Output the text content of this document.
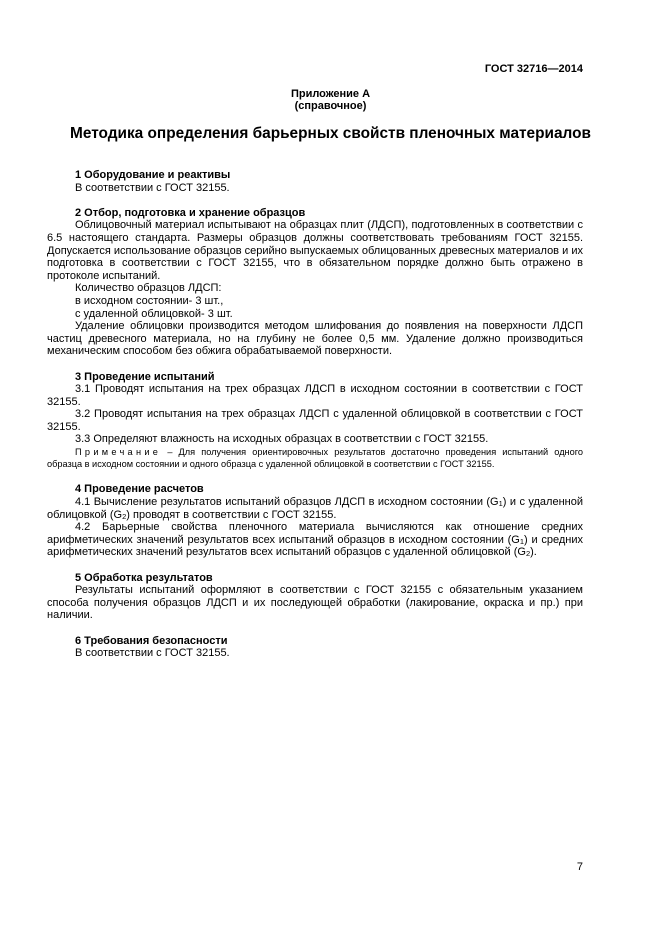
ГОСТ 32716—2014
Приложение А
(справочное)
Методика определения барьерных свойств пленочных материалов
1 Оборудование и реактивы

В соответствии с ГОСТ 32155.

2 Отбор, подготовка и хранение образцов

Облицовочный материал испытывают на образцах плит (ЛДСП), подготовленных в соответствии с 6.5 настоящего стандарта. Размеры образцов должны соответствовать требованиям ГОСТ 32155. Допускается использование образцов серийно выпускаемых облицованных древесных материалов и их подготовка в соответствии с ГОСТ 32155, что в обязательном порядке должно быть отражено в протоколе испытаний.

Количество образцов ЛДСП:

в исходном состоянии- 3 шт.,

с удаленной облицовкой- 3 шт.

Удаление облицовки производится методом шлифования до появления на поверхности ЛДСП частиц древесного материала, но на глубину не более 0,5 мм. Удаление должно производиться механическим способом без обжига обрабатываемой поверхности.

3 Проведение испытаний

3.1 Проводят испытания на трех образцах ЛДСП в исходном состоянии в соответствии с ГОСТ 32155.

3.2 Проводят испытания на трех образцах ЛДСП с удаленной облицовкой в соответствии с ГОСТ 32155.

3.3 Определяют влажность на исходных образцах в соответствии с ГОСТ 32155.

Примечание – Для получения ориентировочных результатов достаточно проведения испытаний одного образца в исходном состоянии и одного образца с удаленной облицовкой в соответствии с ГОСТ 32155.

4 Проведение расчетов

4.1 Вычисление результатов испытаний образцов ЛДСП в исходном состоянии $(G_1)$ и с удаленной облицовкой $(G_2)$ проводят в соответствии с ГОСТ 32155.

4.2 Барьерные свойства пленочного материала вычисляются как отношение средних арифметических значений результатов всех испытаний образцов в исходном состоянии $(G_1)$ и средних арифметических значений результатов всех испытаний образцов с удаленной облицовкой $(G_2)$.

5 Обработка результатов

Результаты испытаний оформляют в соответствии с ГОСТ 32155 с обязательным указанием способа получения образцов ЛДСП и их последующей обработки (лакирование, окраска и пр.) при наличии.

6 Требования безопасности

В соответствии с ГОСТ 32155.

7
